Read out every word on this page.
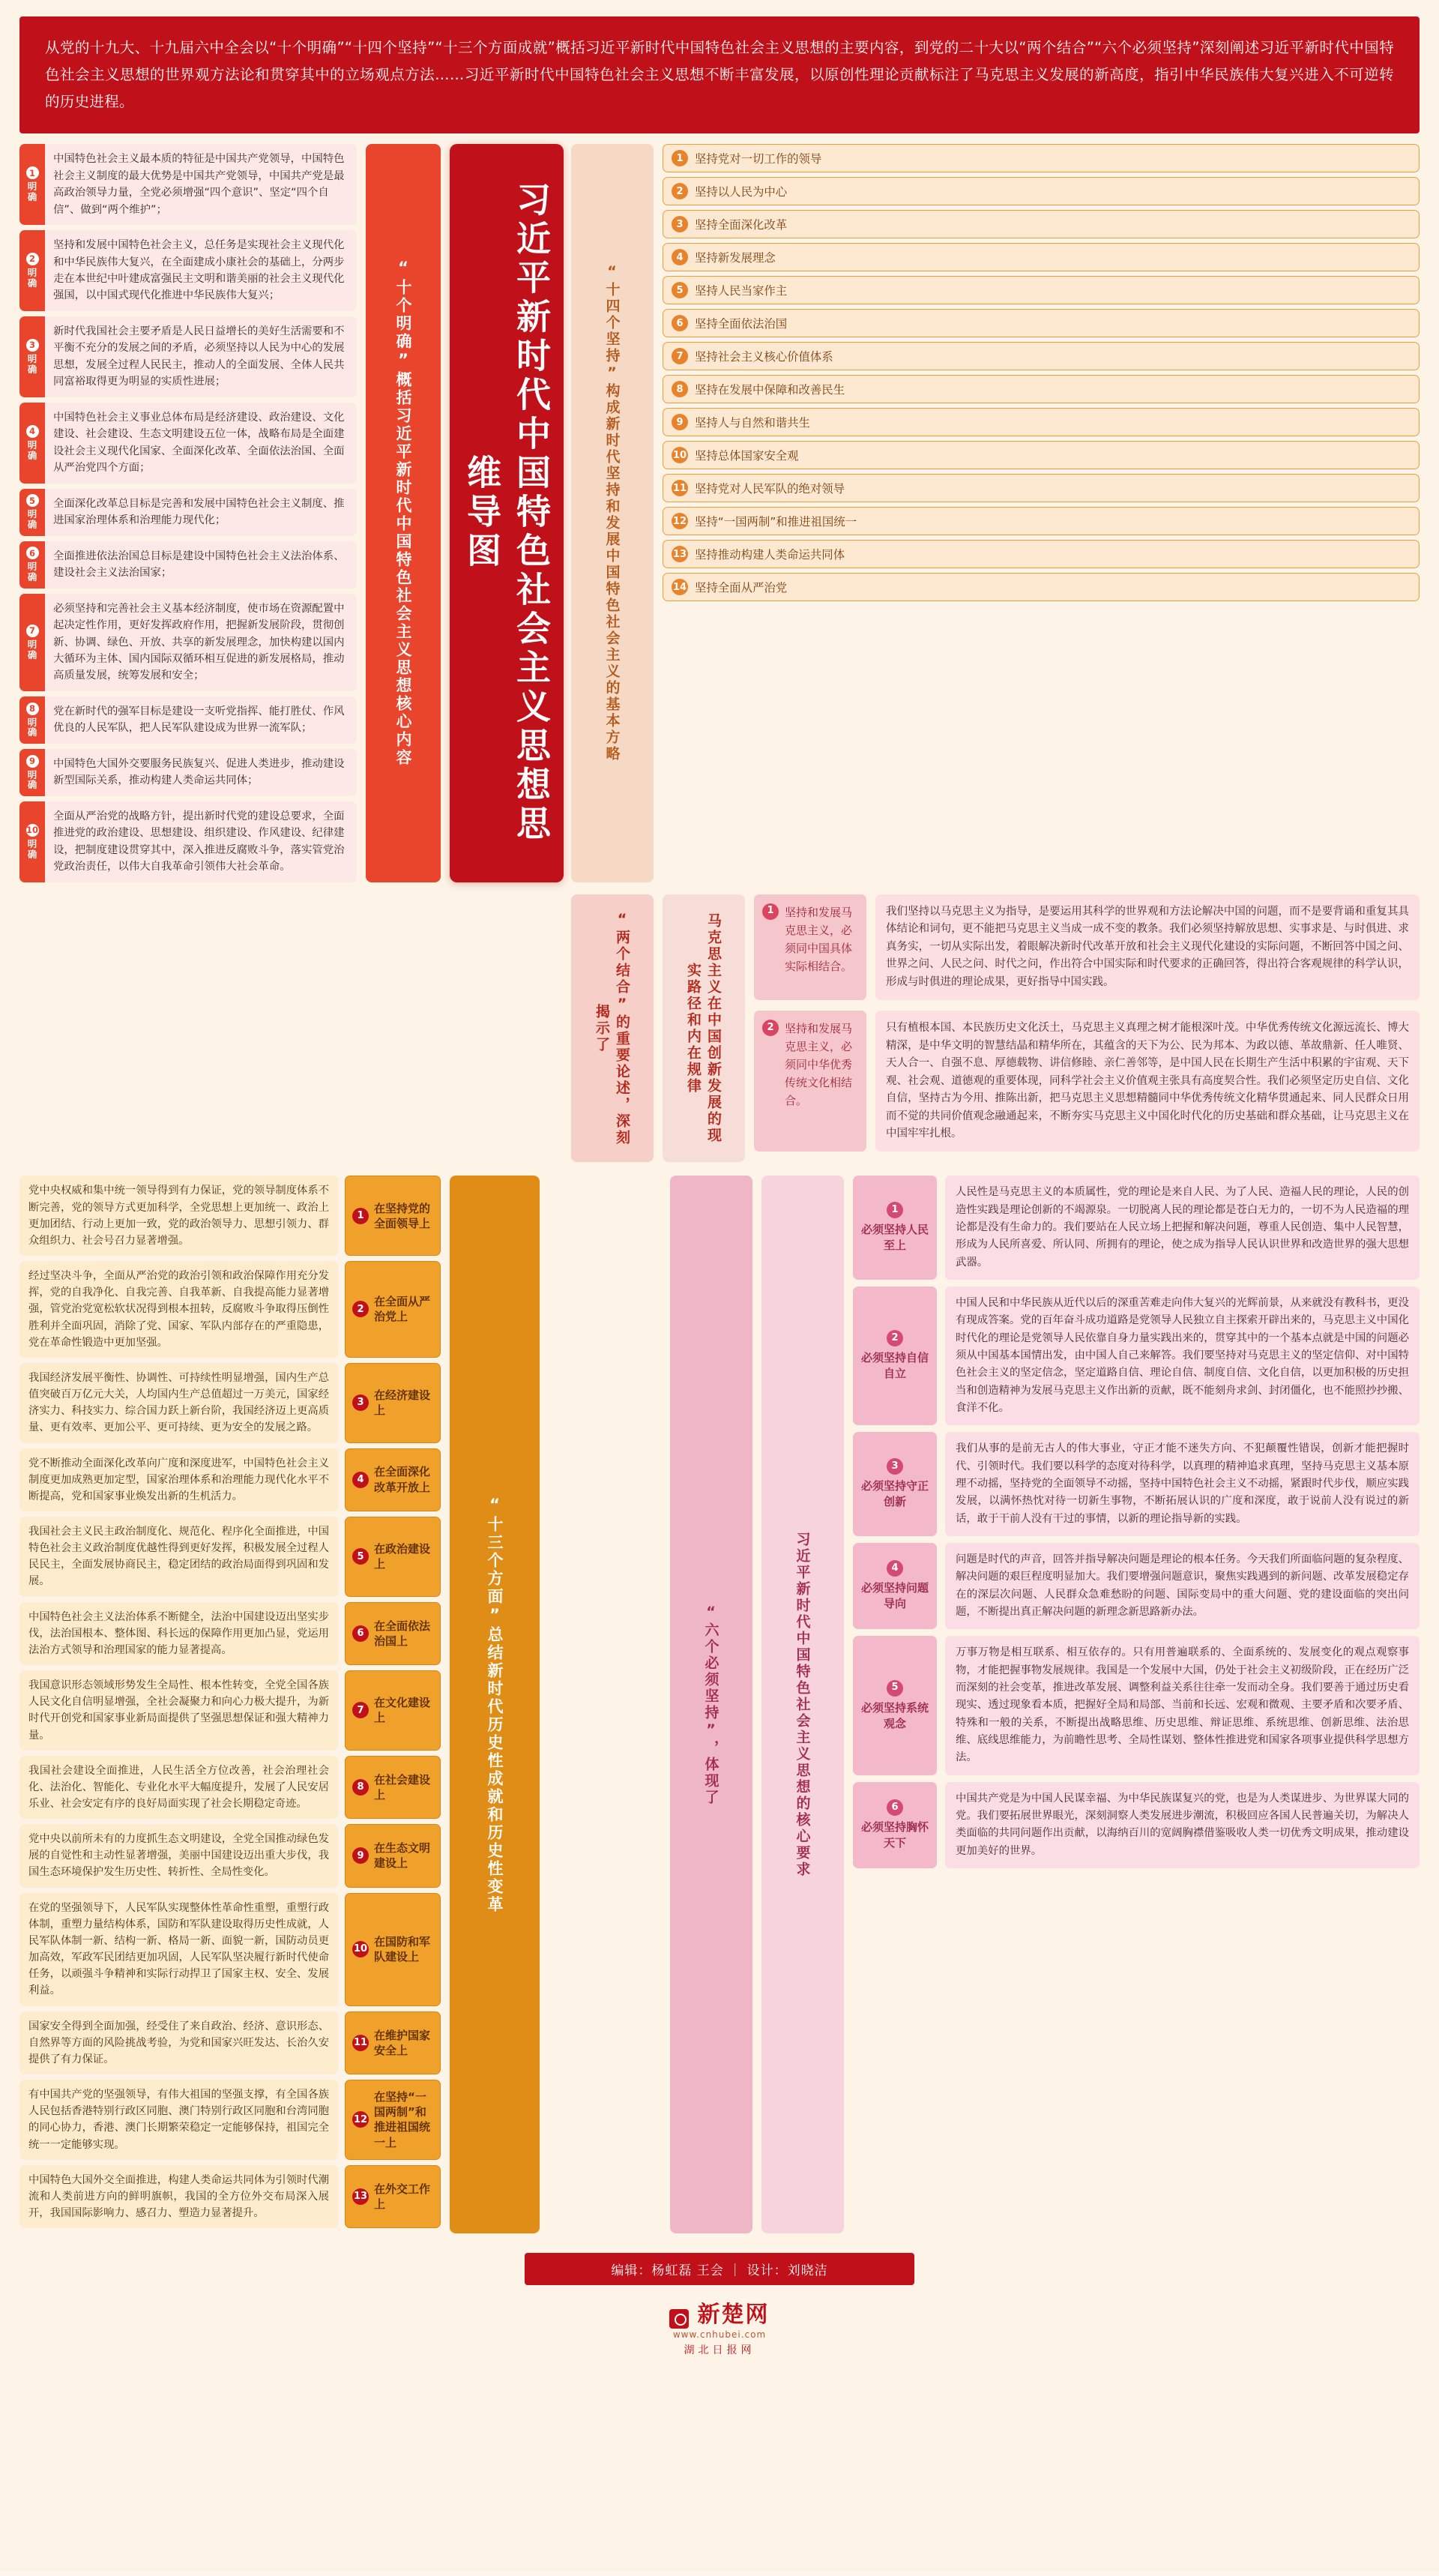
从党的十九大、十九届六中全会以“十个明确”“十四个坚持”“十三个方面成就”概括习近平新时代中国特色社会主义思想的主要内容，到党的二十大以“两个结合”“六个必须坚持”深刻阐述习近平新时代中国特色社会主义思想的世界观方法论和贯穿其中的立场观点方法……习近平新时代中国特色社会主义思想不断丰富发展，以原创性理论贡献标注了马克思主义发展的新高度，指引中华民族伟大复兴进入不可逆转的历史进程。
1
明
确
中国特色社会主义最本质的特征是中国共产党领导，中国特色社会主义制度的最大优势是中国共产党领导，中国共产党是最高政治领导力量，全党必须增强“四个意识”、坚定“四个自信”、做到“两个维护”；
2
明
确
坚持和发展中国特色社会主义，总任务是实现社会主义现代化和中华民族伟大复兴，在全面建成小康社会的基础上，分两步走在本世纪中叶建成富强民主文明和谐美丽的社会主义现代化强国，以中国式现代化推进中华民族伟大复兴；
3
明
确
新时代我国社会主要矛盾是人民日益增长的美好生活需要和不平衡不充分的发展之间的矛盾，必须坚持以人民为中心的发展思想，发展全过程人民民主，推动人的全面发展、全体人民共同富裕取得更为明显的实质性进展；
4
明
确
中国特色社会主义事业总体布局是经济建设、政治建设、文化建设、社会建设、生态文明建设五位一体，战略布局是全面建设社会主义现代化国家、全面深化改革、全面依法治国、全面从严治党四个方面；
5
明
确
全面深化改革总目标是完善和发展中国特色社会主义制度、推进国家治理体系和治理能力现代化；
6
明
确
全面推进依法治国总目标是建设中国特色社会主义法治体系、建设社会主义法治国家；
7
明
确
必须坚持和完善社会主义基本经济制度，使市场在资源配置中起决定性作用，更好发挥政府作用，把握新发展阶段，贯彻创新、协调、绿色、开放、共享的新发展理念，加快构建以国内大循环为主体、国内国际双循环相互促进的新发展格局，推动高质量发展，统筹发展和安全；
8
明
确
党在新时代的强军目标是建设一支听党指挥、能打胜仗、作风优良的人民军队，把人民军队建设成为世界一流军队；
9
明
确
中国特色大国外交要服务民族复兴、促进人类进步，推动建设新型国际关系，推动构建人类命运共同体；
10
明
确
全面从严治党的战略方针，提出新时代党的建设总要求，全面推进党的政治建设、思想建设、组织建设、作风建设、纪律建设，把制度建设贯穿其中，深入推进反腐败斗争，落实管党治党政治责任，以伟大自我革命引领伟大社会革命。
“十个明确”概括习近平新时代中国特色社会主义思想核心内容	习近平新时代中国特色社会主义思想思维导图	“十四个坚持”构成新时代坚持和发展中国特色社会主义的基本方略
1	坚持党对一切工作的领导
2	坚持以人民为中心
3	坚持全面深化改革
4	坚持新发展理念
5	坚持人民当家作主
6	坚持全面依法治国
7	坚持社会主义核心价值体系
8	坚持在发展中保障和改善民生
9	坚持人与自然和谐共生
10 坚持总体国家安全观
11 坚持党对人民军队的绝对领导
12 坚持“一国两制”和推进祖国统一
13 坚持推动构建人类命运共同体
14 坚持全面从严治党
“两个结合”的重要论述，深刻揭示了	马克思主义在中国创新发展的现实路径和内在规律
1 坚持和发展马克思主义，必须同中国具体实际相结合。
我们坚持以马克思主义为指导，是要运用其科学的世界观和方法论解决中国的问题，而不是要背诵和重复其具体结论和词句，更不能把马克思主义当成一成不变的教条。我们必须坚持解放思想、实事求是、与时俱进、求真务实，一切从实际出发，着眼解决新时代改革开放和社会主义现代化建设的实际问题，不断回答中国之问、世界之问、人民之问、时代之问，作出符合中国实际和时代要求的正确回答，得出符合客观规律的科学认识，形成与时俱进的理论成果，更好指导中国实践。
2 坚持和发展马克思主义，必须同中华优秀传统文化相结合。
只有植根本国、本民族历史文化沃土，马克思主义真理之树才能根深叶茂。中华优秀传统文化源远流长、博大精深，是中华文明的智慧结晶和精华所在，其蕴含的天下为公、民为邦本、为政以德、革故鼎新、任人唯贤、天人合一、自强不息、厚德载物、讲信修睦、亲仁善邻等，是中国人民在长期生产生活中积累的宇宙观、天下观、社会观、道德观的重要体现，同科学社会主义价值观主张具有高度契合性。我们必须坚定历史自信、文化自信，坚持古为今用、推陈出新，把马克思主义思想精髓同中华优秀传统文化精华贯通起来、同人民群众日用而不觉的共同价值观念融通起来，不断夯实马克思主义中国化时代化的历史基础和群众基础，让马克思主义在中国牢牢扎根。
党中央权威和集中统一领导得到有力保证，党的领导制度体系不断完善，党的领导方式更加科学，全党思想上更加统一、政治上更加团结、行动上更加一致，党的政治领导力、思想引领力、群众组织力、社会号召力显著增强。
1
在坚持党的全面领导上
经过坚决斗争，全面从严治党的政治引领和政治保障作用充分发挥，党的自我净化、自我完善、自我革新、自我提高能力显著增强，管党治党宽松软状况得到根本扭转，反腐败斗争取得压倒性胜利并全面巩固，消除了党、国家、军队内部存在的严重隐患，党在革命性锻造中更加坚强。
2
在全面从严治党上
我国经济发展平衡性、协调性、可持续性明显增强，国内生产总值突破百万亿元大关，人均国内生产总值超过一万美元，国家经济实力、科技实力、综合国力跃上新台阶，我国经济迈上更高质量、更有效率、更加公平、更可持续、更为安全的发展之路。
3
在经济建设上
党不断推动全面深化改革向广度和深度进军，中国特色社会主义制度更加成熟更加定型，国家治理体系和治理能力现代化水平不断提高，党和国家事业焕发出新的生机活力。
4
在全面深化改革开放上
我国社会主义民主政治制度化、规范化、程序化全面推进，中国特色社会主义政治制度优越性得到更好发挥，积极发展全过程人民民主，全面发展协商民主，稳定团结的政治局面得到巩固和发展。
5
在政治建设上
中国特色社会主义法治体系不断健全，法治中国建设迈出坚实步伐，法治国根本、整体图、科长远的保障作用更加凸显，党运用法治方式领导和治理国家的能力显著提高。
6
在全面依法治国上
我国意识形态领域形势发生全局性、根本性转变，全党全国各族人民文化自信明显增强，全社会凝聚力和向心力极大提升，为新时代开创党和国家事业新局面提供了坚强思想保证和强大精神力量。
7
在文化建设上
我国社会建设全面推进，人民生活全方位改善，社会治理社会化、法治化、智能化、专业化水平大幅度提升，发展了人民安居乐业、社会安定有序的良好局面实现了社会长期稳定奇迹。
8
在社会建设上
党中央以前所未有的力度抓生态文明建设，全党全国推动绿色发展的自觉性和主动性显著增强，美丽中国建设迈出重大步伐，我国生态环境保护发生历史性、转折性、全局性变化。
9
在生态文明建设上
在党的坚强领导下，人民军队实现整体性革命性重塑，重塑行政体制，重塑力量结构体系，国防和军队建设取得历史性成就，人民军队体制一新、结构一新、格局一新、面貌一新，国防动员更加高效，军政军民团结更加巩固，人民军队坚决履行新时代使命任务，以顽强斗争精神和实际行动捍卫了国家主权、安全、发展利益。
10
在国防和军队建设上
国家安全得到全面加强，经受住了来自政治、经济、意识形态、自然界等方面的风险挑战考验，为党和国家兴旺发达、长治久安提供了有力保证。
11
在维护国家安全上
有中国共产党的坚强领导，有伟大祖国的坚强支撑，有全国各族人民包括香港特别行政区同胞、澳门特别行政区同胞和台湾同胞的同心协力，香港、澳门长期繁荣稳定一定能够保持，祖国完全统一一定能够实现。
12
在坚持“一国两制”和推进祖国统一上
中国特色大国外交全面推进，构建人类命运共同体为引领时代潮流和人类前进方向的鲜明旗帜，我国的全方位外交布局深入展开，我国国际影响力、感召力、塑造力显著提升。
13
在外交工作上
“十三个方面”总结新时代历史性成就和历史性变革	“六个必须坚持”，体现了	习近平新时代中国特色社会主义思想的核心要求
1
必须坚持人民至上
人民性是马克思主义的本质属性，党的理论是来自人民、为了人民、造福人民的理论，人民的创造性实践是理论创新的不竭源泉。一切脱离人民的理论都是苍白无力的，一切不为人民造福的理论都是没有生命力的。我们要站在人民立场上把握和解决问题，尊重人民创造、集中人民智慧，形成为人民所喜爱、所认同、所拥有的理论，使之成为指导人民认识世界和改造世界的强大思想武器。
2
必须坚持自信自立
中国人民和中华民族从近代以后的深重苦难走向伟大复兴的光辉前景，从来就没有教科书，更没有现成答案。党的百年奋斗成功道路是党领导人民独立自主探索开辟出来的，马克思主义中国化时代化的理论是党领导人民依靠自身力量实践出来的，贯穿其中的一个基本点就是中国的问题必须从中国基本国情出发，由中国人自己来解答。我们要坚持对马克思主义的坚定信仰、对中国特色社会主义的坚定信念，坚定道路自信、理论自信、制度自信、文化自信，以更加积极的历史担当和创造精神为发展马克思主义作出新的贡献，既不能刻舟求剑、封闭僵化，也不能照抄抄搬、食洋不化。
3
必须坚持守正创新
我们从事的是前无古人的伟大事业，守正才能不迷失方向、不犯颠覆性错误，创新才能把握时代、引领时代。我们要以科学的态度对待科学，以真理的精神追求真理，坚持马克思主义基本原理不动摇，坚持党的全面领导不动摇，坚持中国特色社会主义不动摇，紧跟时代步伐，顺应实践发展，以满怀热忱对待一切新生事物，不断拓展认识的广度和深度，敢于说前人没有说过的新话，敢于干前人没有干过的事情，以新的理论指导新的实践。
4
必须坚持问题导向
问题是时代的声音，回答并指导解决问题是理论的根本任务。今天我们所面临问题的复杂程度、解决问题的艰巨程度明显加大。我们要增强问题意识，聚焦实践遇到的新问题、改革发展稳定存在的深层次问题、人民群众急难愁盼的问题、国际变局中的重大问题、党的建设面临的突出问题，不断提出真正解决问题的新理念新思路新办法。
5
必须坚持系统观念
万事万物是相互联系、相互依存的。只有用普遍联系的、全面系统的、发展变化的观点观察事物，才能把握事物发展规律。我国是一个发展中大国，仍处于社会主义初级阶段，正在经历广泛而深刻的社会变革，推进改革发展、调整利益关系往往牵一发而动全身。我们要善于通过历史看现实、透过现象看本质，把握好全局和局部、当前和长远、宏观和微观、主要矛盾和次要矛盾、特殊和一般的关系，不断提出战略思维、历史思维、辩证思维、系统思维、创新思维、法治思维、底线思维能力，为前瞻性思考、全局性谋划、整体性推进党和国家各项事业提供科学思想方法。
6
必须坚持胸怀天下
中国共产党是为中国人民谋幸福、为中华民族谋复兴的党，也是为人类谋进步、为世界谋大同的党。我们要拓展世界眼光，深刻洞察人类发展进步潮流，积极回应各国人民普遍关切，为解决人类面临的共同问题作出贡献，以海纳百川的宽阔胸襟借鉴吸收人类一切优秀文明成果，推动建设更加美好的世界。
编辑：杨虹磊 王会 ｜ 设计：刘晓洁
新楚网
www.cnhubei.com
湖北日报网
